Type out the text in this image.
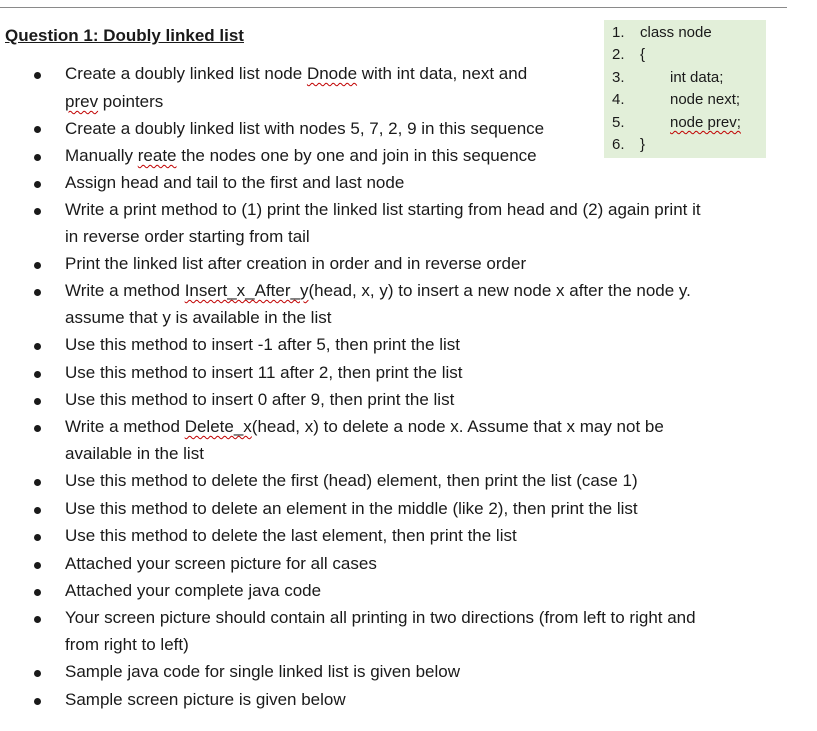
Question 1: Doubly linked list	1. class node
2. {
3.	int data;
4.	node next;
5.	node prev;
6. }
Create a doubly linked list node Dnode with int data, next and
prev pointers
Create a doubly linked list with nodes 5, 7, 2, 9 in this sequence
Manually reate the nodes one by one and join in this sequence
Assign head and tail to the first and last node
Write a print method to (1) print the linked list starting from head and (2) again print it
in reverse order starting from tail
Print the linked list after creation in order and in reverse order
Write a method Insert_x_After_y(head, x, y) to insert a new node x after the node y.
assume that y is available in the list
Use this method to insert -1 after 5, then print the list
Use this method to insert 11 after 2, then print the list
Use this method to insert 0 after 9, then print the list
Write a method Delete_x(head, x) to delete a node x. Assume that x may not be
available in the list
Use this method to delete the first (head) element, then print the list (case 1)
Use this method to delete an element in the middle (like 2), then print the list
Use this method to delete the last element, then print the list
Attached your screen picture for all cases
Attached your complete java code
Your screen picture should contain all printing in two directions (from left to right and
from right to left)
Sample java code for single linked list is given below
Sample screen picture is given below
